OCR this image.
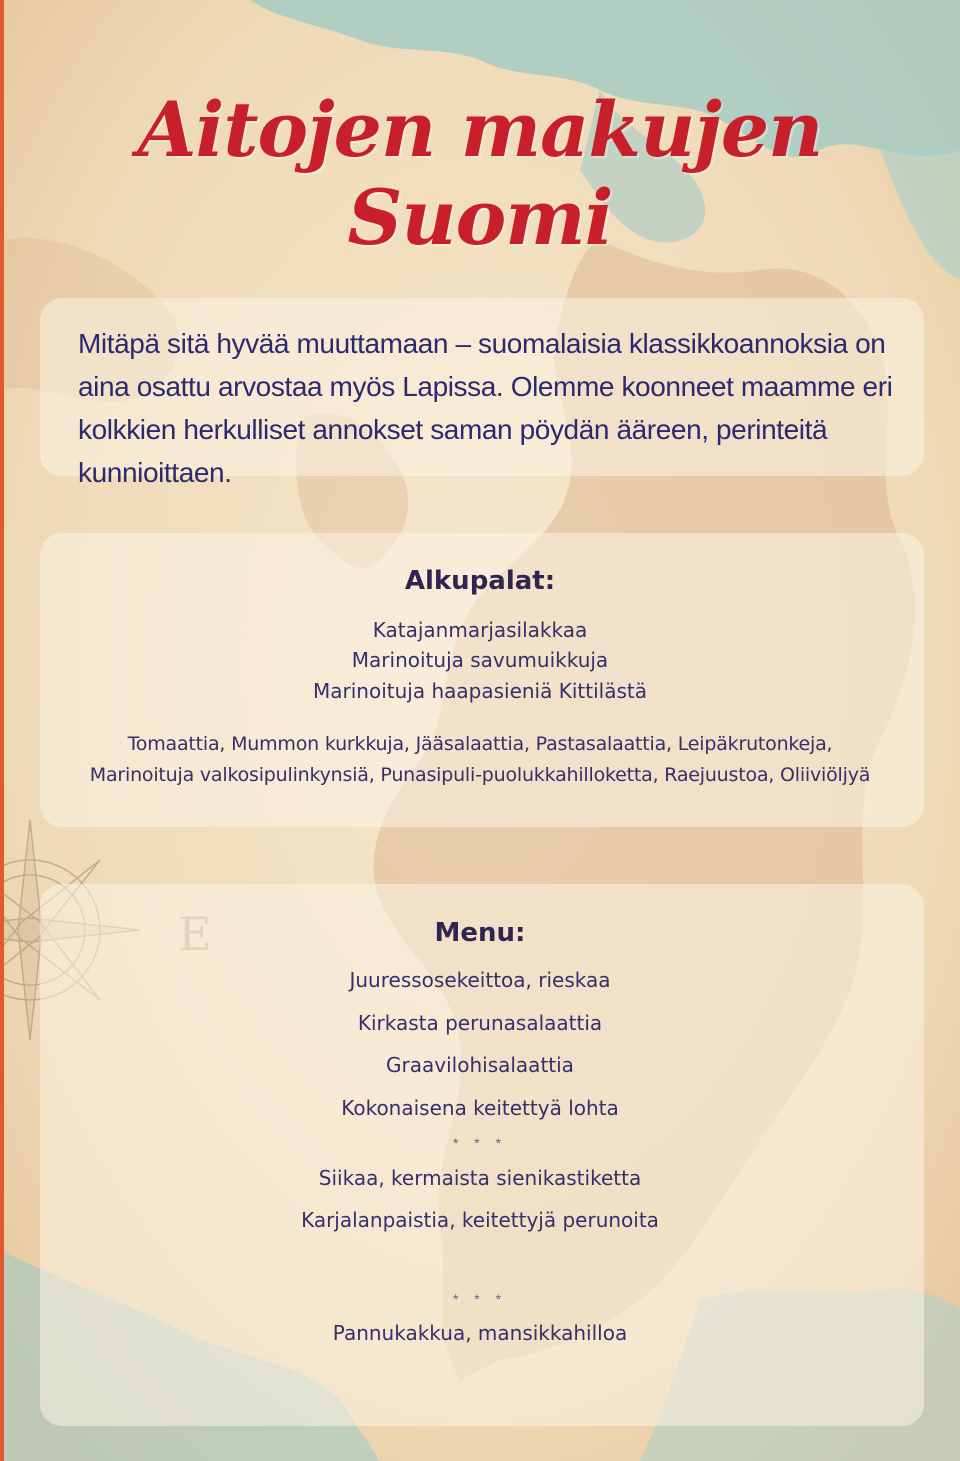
Aitojen makujen
Suomi

Mitäpä sitä hyvää muuttamaan – suomalaisia klassikkoannoksia on aina osattu arvostaa myös Lapissa. Olemme koonneet maamme eri kolkkien herkulliset annokset saman pöydän ääreen, perinteitä kunnioittaen.

Alkupalat:

Katajanmarjasilakkaa

Marinoituja savumuikkuja

Marinoituja haapasieniä Kittilästä

Tomaattia, Mummon kurkkuja, Jääsalaattia, Pastasalaattia, Leipäkrutonkeja,

Marinoituja valkosipulinkynsiä, Punasipuli-puolukkahilloketta, Raejuustoa, Oliiviöljyä

Menu:

Juuressosekeittoa, rieskaa

Kirkasta perunasalaattia

Graavilohisalaattia

Kokonaisena keitettyä lohta

* * *

Siikaa, kermaista sienikastiketta

Karjalanpaistia, keitettyjä perunoita

* * *

Pannukakkua, mansikkahilloa
